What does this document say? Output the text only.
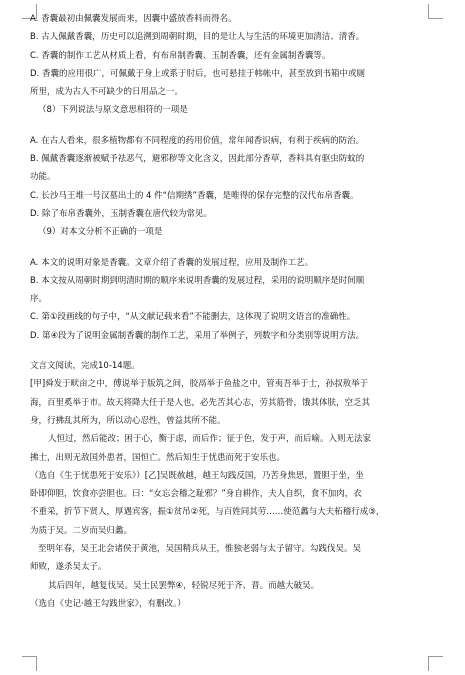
A. 香囊最初由佩囊发展而来，因囊中盛放香料而得名。
B. 古人佩戴香囊，历史可以追溯到周朝时期，目的是让人与生活的环境更加清洁、清香。
C. 香囊的制作工艺从材质上看，有布帛制香囊、玉制香囊，还有金属制香囊等。
D. 香囊的应用很广，可佩戴于身上或系于肘后，也可悬挂于帏帐中，甚至放到书箱中或厕
所里，成为古人不可缺少的日用品之一。
（8）下列说法与原文意思相符的一项是
A. 在古人看来，很多植物都有不同程度的药用价值，常年闻香识病，有利于疾病的防治。
B. 佩戴香囊逐渐被赋予祛恶气，避邪秽等文化含义，因此部分香草，香料具有驱虫防蚊的
功能。
C. 长沙马王堆一号汉墓出土的 4 件“信期绣”香囊，是唯得的保存完整的汉代布帛香囊。
D. 除了布帛香囊外，玉制香囊在唐代较为常见。
（9）对本文分析不正确的一项是
A. 本文的说明对象是香囊。文章介绍了香囊的发展过程，应用及制作工艺。
B. 本文按从周朝时期到明清时期的顺序来说明香囊的发展过程，采用的说明顺序是时间顺
序。
C. 第①段画线的句子中，“从文献记载来看”不能删去，这体现了说明文语言的准确性。
D. 第④段为了说明金属制香囊的制作工艺，采用了举例子，列数字和分类别等说明方法。
文言文阅读，完成10-14题。
[甲]舜发于畎亩之中，傅说举于版筑之间，胶鬲举于鱼盐之中，管夷吾举于士，孙叔敖举于
海，百里奚举于市。故天将降大任于是人也，必先苦其心志，劳其筋骨，饿其体肤，空乏其
身，行拂乱其所为，所以动心忍性，曾益其所不能。
人恒过，然后能改；困于心，衡于虑，而后作；征于色，发于声，而后喻。入则无法家
拂士，出则无敌国外患者，国恒亡。然后知生于忧患而死于安乐也。
（选自《生于忧患死于安乐》）[乙]吴既赦越，越王勾践反国，乃苦身焦思，置胆于坐，坐
卧即仰胆，饮食亦尝胆也。曰：“女忘会稽之耻邪？”身自耕作，夫人自织，食不加肉，衣
不重采，折节下贤人，厚遇宾客，振①贫吊②死，与百姓同其劳……使范蠡与大夫柘稽行成③，
为质于吴。二岁而吴归蠡。
至明年春，吴王北会诸侯于黄池，吴国精兵从王，惟独老弱与太子留守。勾践伐吴。吴
师败，遂杀吴太子。
其后四年，越复伐吴。吴士民罢弊④，轻锐尽死于齐、晋。而越大破吴。
（选自《史记·越王勾践世家》，有删改。）
